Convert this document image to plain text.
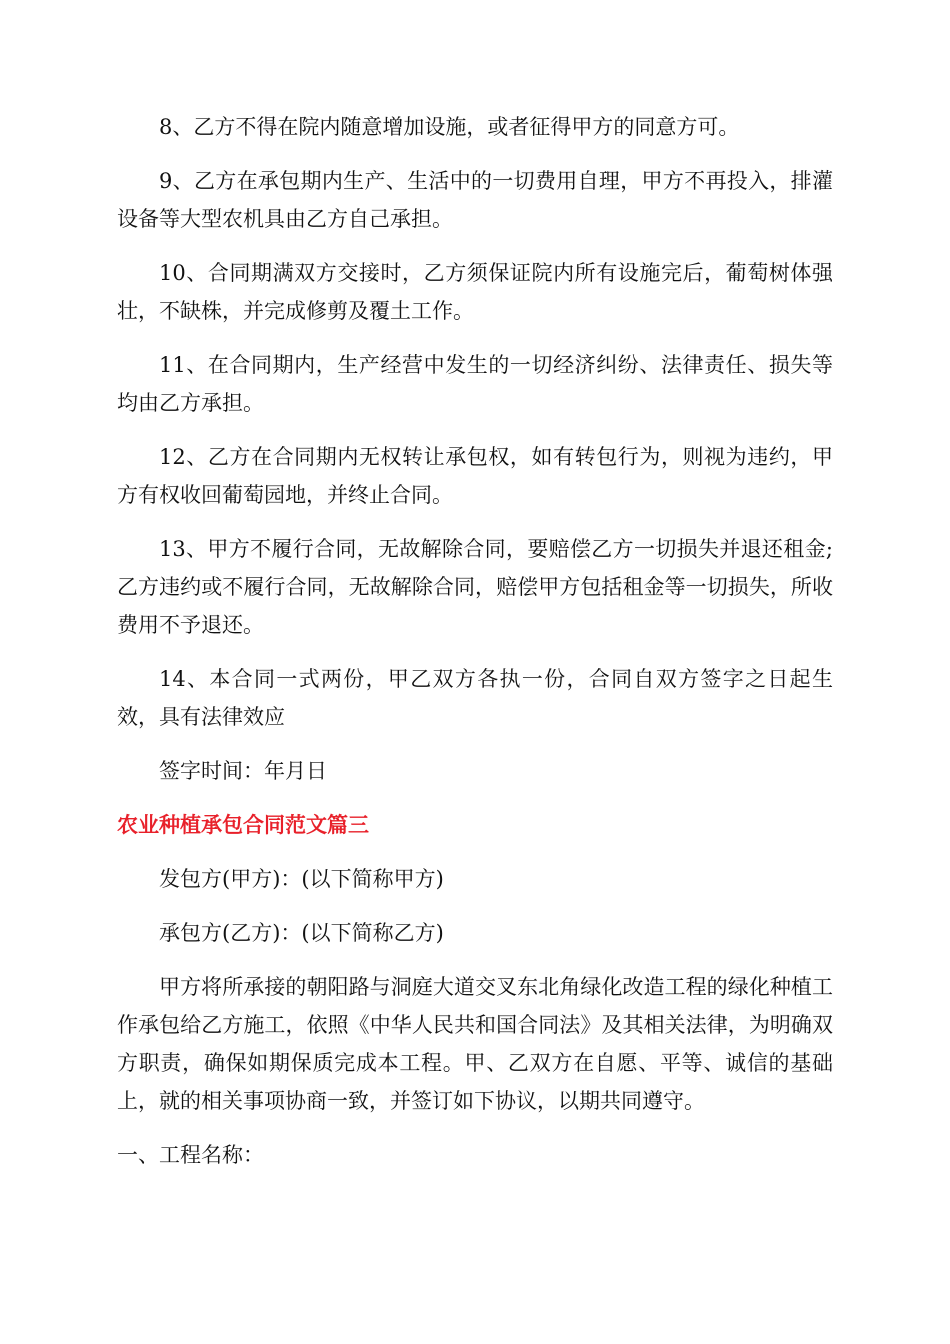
8、乙方不得在院内随意增加设施，或者征得甲方的同意方可。

9、乙方在承包期内生产、生活中的一切费用自理，甲方不再投入，排灌设备等大型农机具由乙方自己承担。

10、合同期满双方交接时，乙方须保证院内所有设施完后，葡萄树体强壮，不缺株，并完成修剪及覆土工作。

11、在合同期内，生产经营中发生的一切经济纠纷、法律责任、损失等均由乙方承担。

12、乙方在合同期内无权转让承包权，如有转包行为，则视为违约，甲方有权收回葡萄园地，并终止合同。

13、甲方不履行合同，无故解除合同，要赔偿乙方一切损失并退还租金;乙方违约或不履行合同，无故解除合同，赔偿甲方包括租金等一切损失，所收费用不予退还。

14、本合同一式两份，甲乙双方各执一份，合同自双方签字之日起生效，具有法律效应

签字时间：年月日

农业种植承包合同范文篇三

发包方(甲方)：(以下简称甲方)

承包方(乙方)：(以下简称乙方)

甲方将所承接的朝阳路与洞庭大道交叉东北角绿化改造工程的绿化种植工作承包给乙方施工，依照《中华人民共和国合同法》及其相关法律，为明确双方职责，确保如期保质完成本工程。甲、乙双方在自愿、平等、诚信的基础上，就的相关事项协商一致，并签订如下协议，以期共同遵守。

一、工程名称：
